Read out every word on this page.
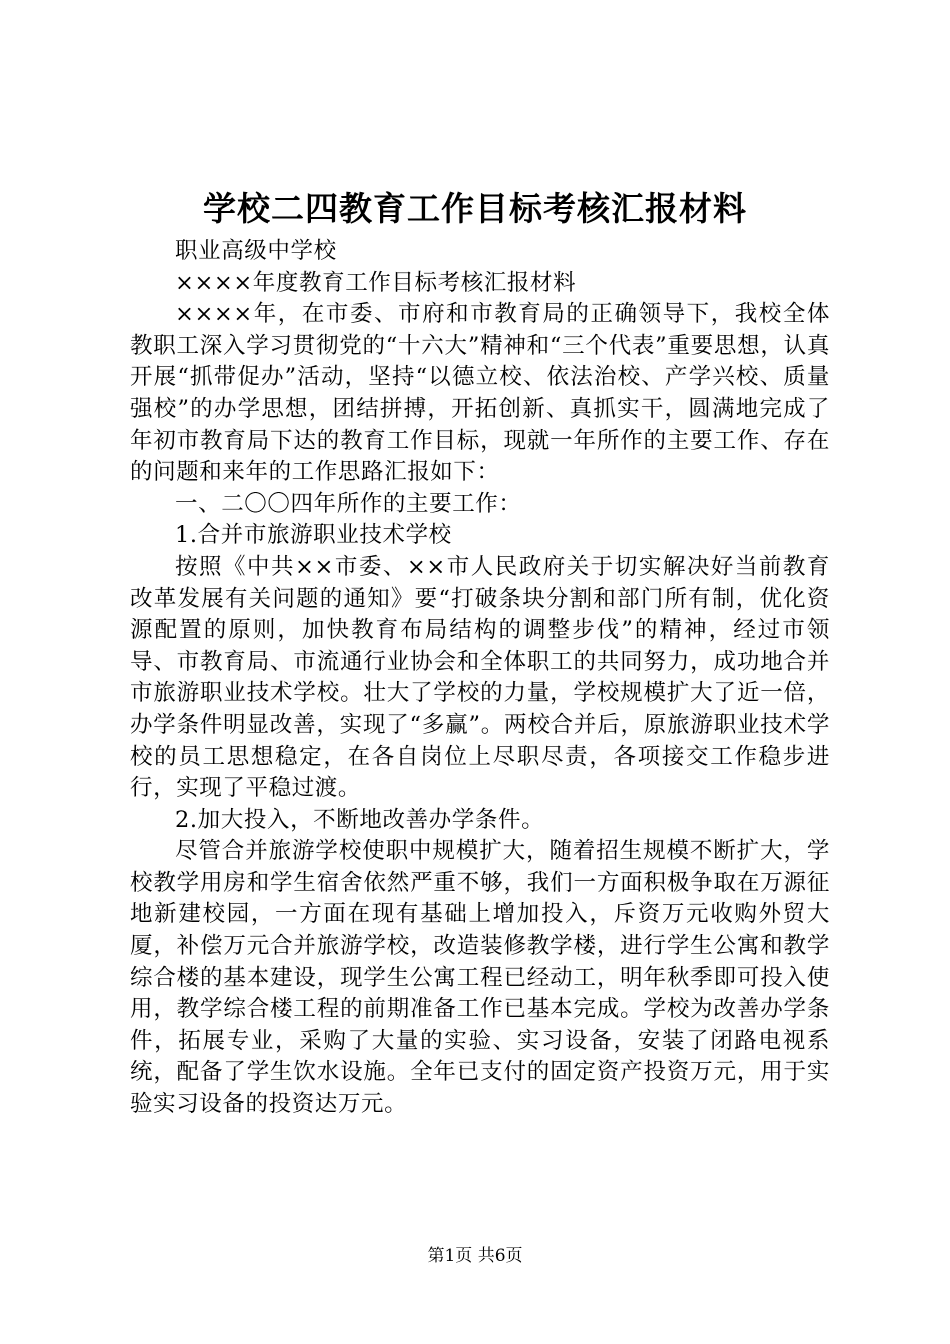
学校二四教育工作目标考核汇报材料

职业高级中学校

××××年度教育工作目标考核汇报材料

××××年，在市委、市府和市教育局的正确领导下，我校全体教职工深入学习贯彻党的“十六大”精神和“三个代表”重要思想，认真开展“抓带促办”活动，坚持“以德立校、依法治校、产学兴校、质量强校”的办学思想，团结拼搏，开拓创新、真抓实干，圆满地完成了年初市教育局下达的教育工作目标，现就一年所作的主要工作、存在的问题和来年的工作思路汇报如下：

一、二〇〇四年所作的主要工作：

1.合并市旅游职业技术学校

按照《中共××市委、××市人民政府关于切实解决好当前教育改革发展有关问题的通知》要“打破条块分割和部门所有制，优化资源配置的原则，加快教育布局结构的调整步伐”的精神，经过市领导、市教育局、市流通行业协会和全体职工的共同努力，成功地合并市旅游职业技术学校。壮大了学校的力量，学校规模扩大了近一倍，办学条件明显改善，实现了“多赢”。两校合并后，原旅游职业技术学校的员工思想稳定，在各自岗位上尽职尽责，各项接交工作稳步进行，实现了平稳过渡。

2.加大投入，不断地改善办学条件。

尽管合并旅游学校使职中规模扩大，随着招生规模不断扩大，学校教学用房和学生宿舍依然严重不够，我们一方面积极争取在万源征地新建校园，一方面在现有基础上增加投入，斥资万元收购外贸大厦，补偿万元合并旅游学校，改造装修教学楼，进行学生公寓和教学综合楼的基本建设，现学生公寓工程已经动工，明年秋季即可投入使用，教学综合楼工程的前期准备工作已基本完成。学校为改善办学条件，拓展专业，采购了大量的实验、实习设备，安装了闭路电视系统，配备了学生饮水设施。全年已支付的固定资产投资万元，用于实验实习设备的投资达万元。

第1页 共6页
